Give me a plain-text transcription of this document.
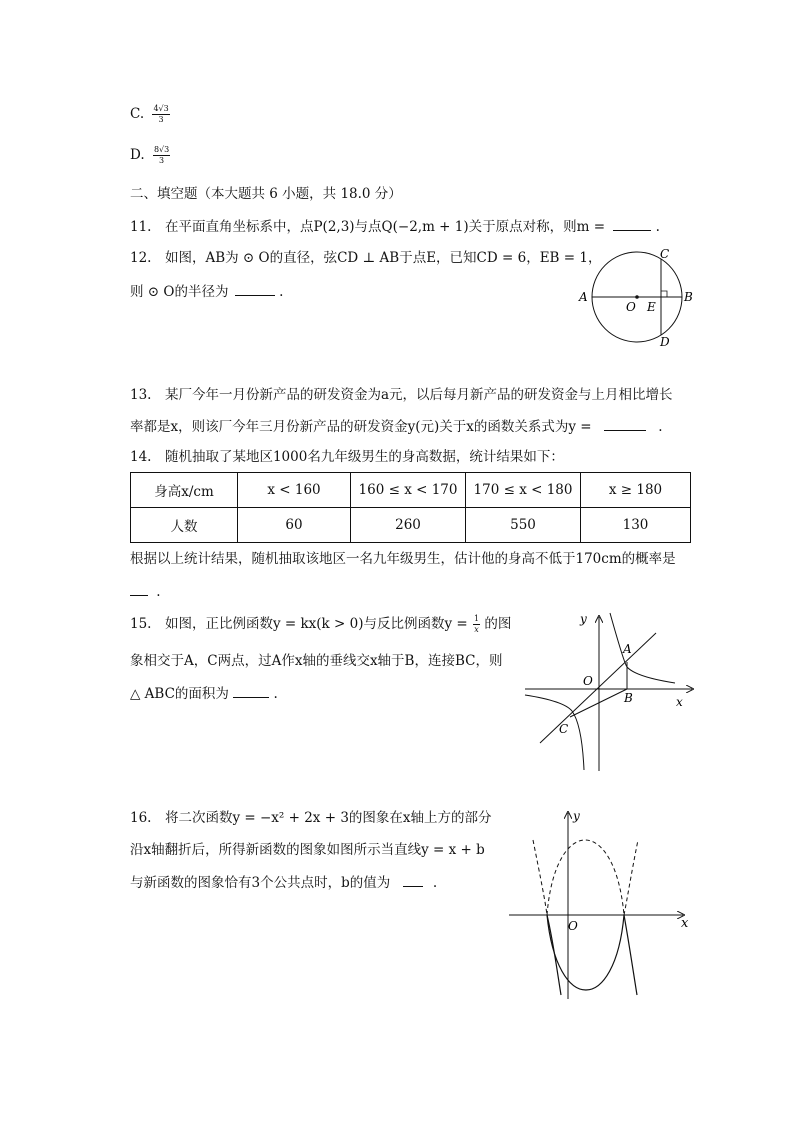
C. $\frac{4√3}{3}$
D. $\frac{8√3}{3}$
二、填空题（本大题共 6 小题，共 18.0 分）
11.　在平面直角坐标系中，点P(2,3)与点Q(−2,m + 1)关于原点对称，则m =	.
12.　如图，AB为 ⊙ O的直径，弦CD ⊥ AB于点E，已知CD = 6，EB = 1，
则 ⊙ O的半径为	.	A	B
C
D
O E
13.　某厂今年一月份新产品的研发资金为a元，以后每月新产品的研发资金与上月相比增长
率都是x，则该厂今年三月份新产品的研发资金y(元)关于x的函数关系式为y =	.
14.　随机抽取了某地区1000名九年级男生的身高数据，统计结果如下：
身高x/cm	x < 160	160 ≤ x < 170	170 ≤ x < 180	x ≥ 180
人数	60	260	550	130
根据以上统计结果，随机抽取该地区一名九年级男生，估计他的身高不低于170cm的概率是
.
15.　如图，正比例函数y = kx(k > 0)与反比例函数$y = \frac{1}{x}$ 的图
象相交于A，C两点，过A作x轴的垂线交x轴于B，连接BC，则
△ ABC的面积为	.
y
x
A
B
C
O
16.　将二次函数y = −x² + 2x + 3的图象在x轴上方的部分
沿x轴翻折后，所得新函数的图象如图所示当直线y = x + b
与新函数的图象恰有3个公共点时，b的值为	.
y
x
O
